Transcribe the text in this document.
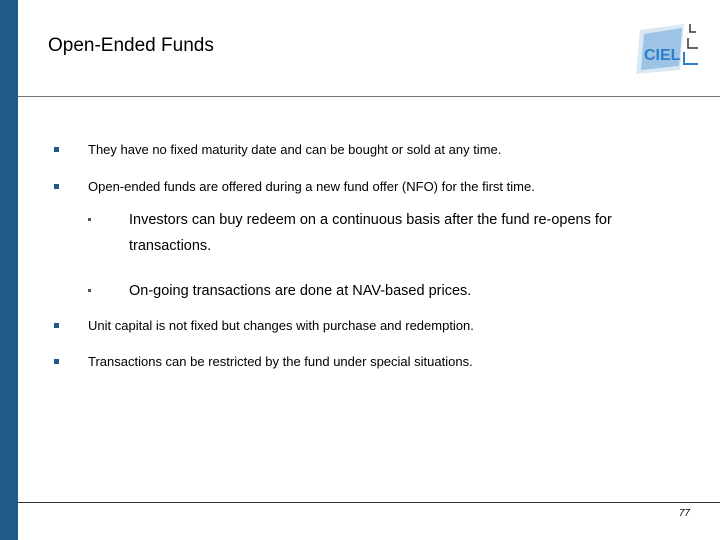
Open-Ended Funds	CIEL
They have no fixed maturity date and can be bought or sold at any time.
Open-ended funds are offered during a new fund offer (NFO) for the first time.
Investors can buy redeem on a continuous basis after the fund re-opens for transactions.
On-going transactions are done at NAV-based prices.
Unit capital is not fixed but changes with purchase and redemption.
Transactions can be restricted by the fund under special situations.
77
